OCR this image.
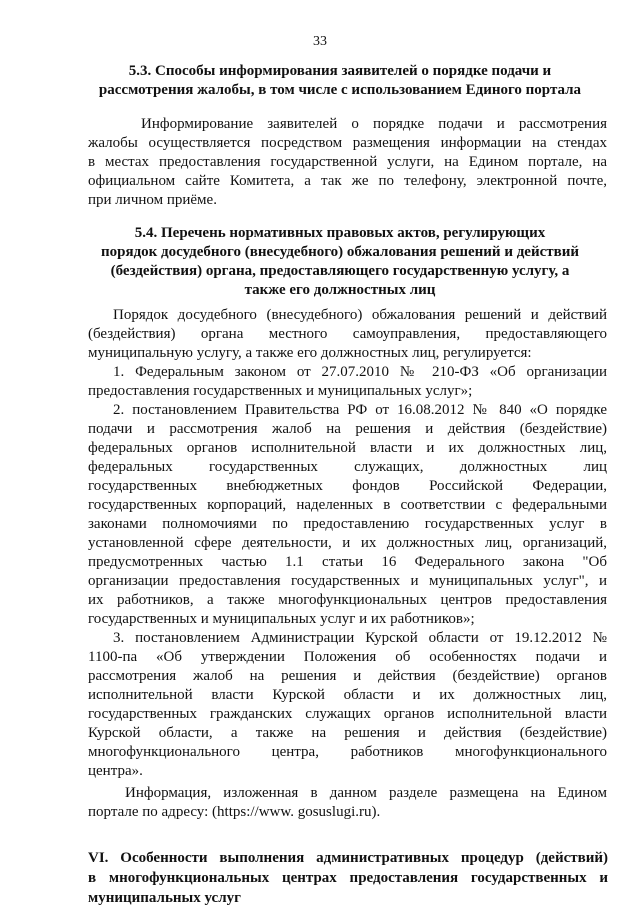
33
5.3. Способы информирования заявителей о порядке подачи и
рассмотрения жалобы, в том числе с использованием Единого портала
Информирование заявителей о порядке подачи и рассмотрения
жалобы осуществляется посредством размещения информации на стендах
в местах предоставления государственной услуги, на Едином портале, на
официальном сайте Комитета, а так же по телефону, электронной почте,
при личном приёме.
5.4. Перечень нормативных правовых актов, регулирующих
порядок досудебного (внесудебного) обжалования решений и действий
(бездействия) органа, предоставляющего государственную услугу, а
также его должностных лиц
Порядок досудебного (внесудебного) обжалования решений и действий
(бездействия) органа местного самоуправления, предоставляющего
муниципальную услугу, а также его должностных лиц, регулируется:
1. Федеральным законом от 27.07.2010 № 210-ФЗ «Об организации
предоставления государственных и муниципальных услуг»;
2. постановлением Правительства РФ от 16.08.2012 № 840 «О порядке
подачи и рассмотрения жалоб на решения и действия (бездействие)
федеральных органов исполнительной власти и их должностных лиц,
федеральных государственных служащих, должностных лиц
государственных внебюджетных фондов Российской Федерации,
государственных корпораций, наделенных в соответствии с федеральными
законами полномочиями по предоставлению государственных услуг в
установленной сфере деятельности, и их должностных лиц, организаций,
предусмотренных частью 1.1 статьи 16 Федерального закона "Об
организации предоставления государственных и муниципальных услуг", и
их работников, а также многофункциональных центров предоставления
государственных и муниципальных услуг и их работников»;
3. постановлением Администрации Курской области от 19.12.2012 №
1100-па «Об утверждении Положения об особенностях подачи и
рассмотрения жалоб на решения и действия (бездействие) органов
исполнительной власти Курской области и их должностных лиц,
государственных гражданских служащих органов исполнительной власти
Курской области, а также на решения и действия (бездействие)
многофункционального центра, работников многофункционального
центра».
Информация, изложенная в данном разделе размещена на Едином
портале по адресу: (https://www. gosuslugi.ru).
VI. Особенности выполнения административных процедур (действий)
в многофункциональных центрах предоставления государственных и
муниципальных услуг
